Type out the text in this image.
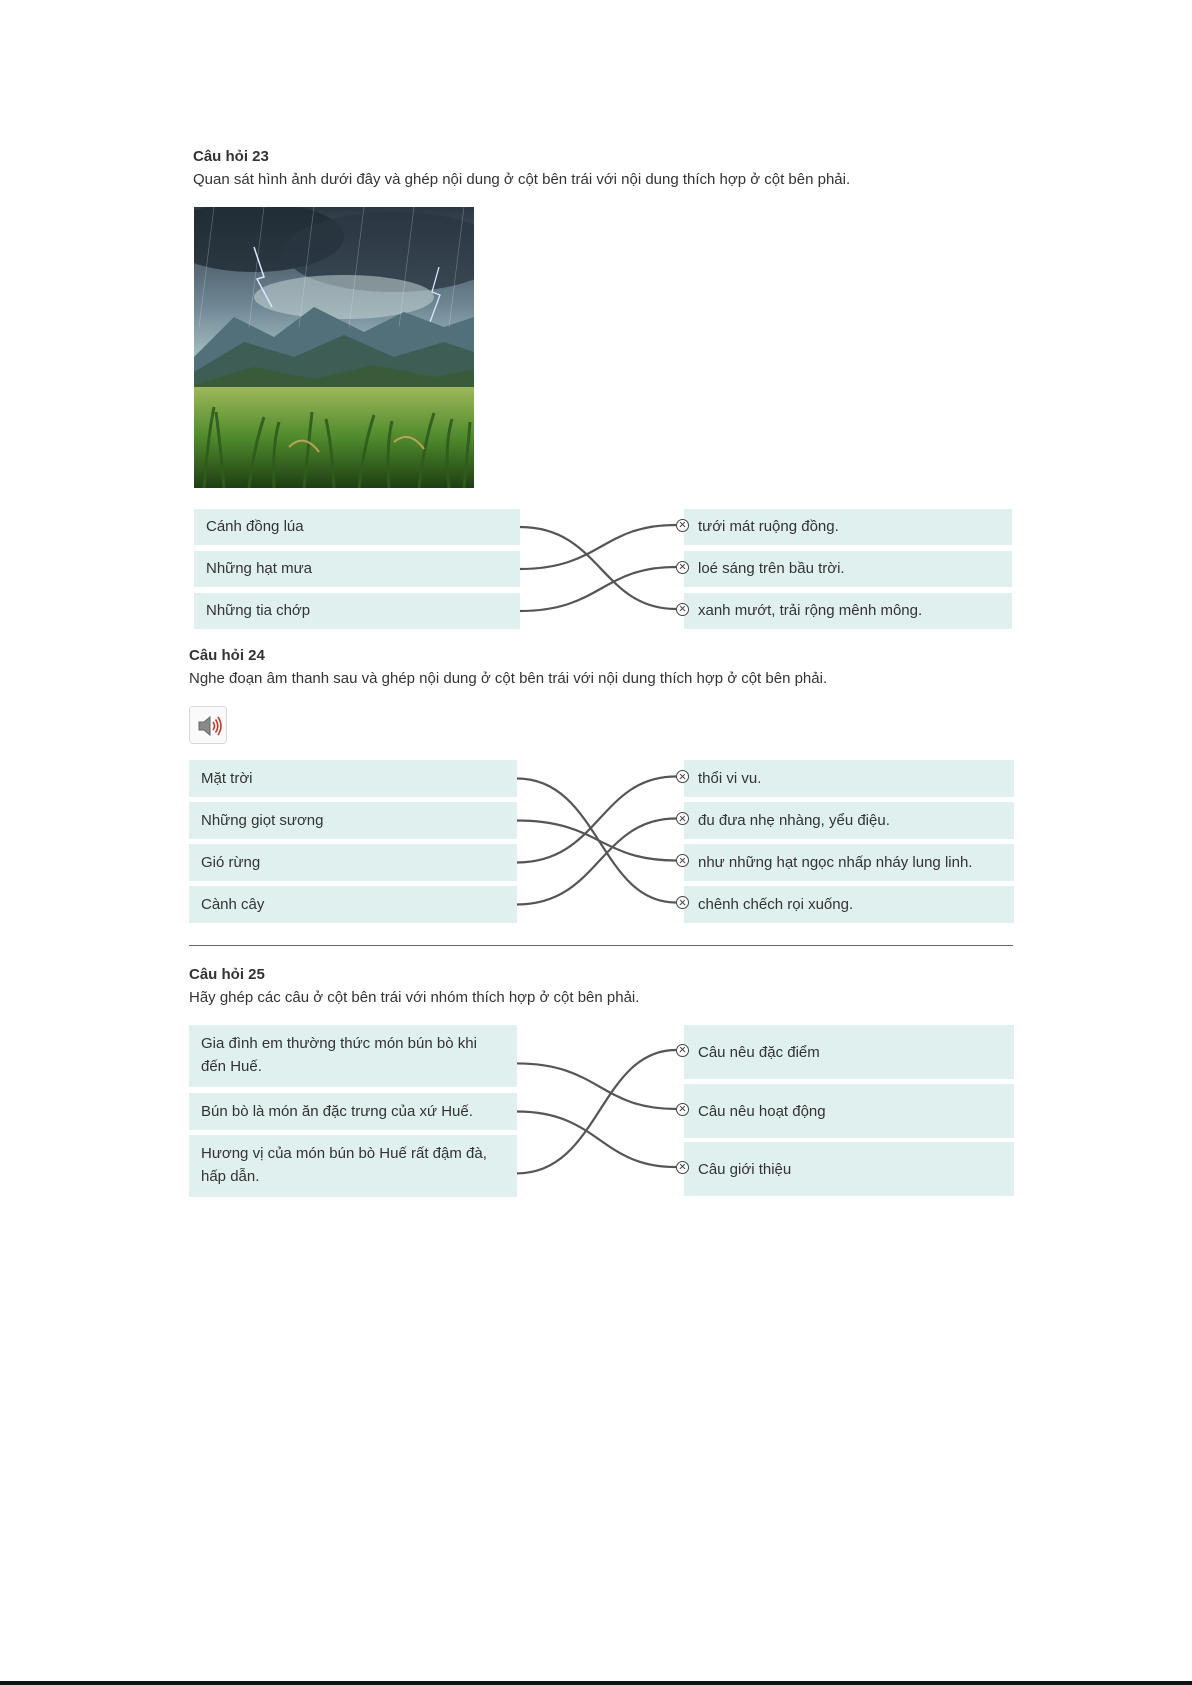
Câu hỏi 23
Quan sát hình ảnh dưới đây và ghép nội dung ở cột bên trái với nội dung thích hợp ở cột bên phải.
Cánh đồng lúa
Những hạt mưa
Những tia chớp
tưới mát ruộng đồng.
loé sáng trên bầu trời.
xanh mướt, trải rộng mênh mông.
Câu hỏi 24
Nghe đoạn âm thanh sau và ghép nội dung ở cột bên trái với nội dung thích hợp ở cột bên phải.
Mặt trời
Những giọt sương
Gió rừng
Cành cây
thổi vi vu.
đu đưa nhẹ nhàng, yểu điệu.
như những hạt ngọc nhấp nháy lung linh.
chênh chếch rọi xuống.
Câu hỏi 25
Hãy ghép các câu ở cột bên trái với nhóm thích hợp ở cột bên phải.
Gia đình em thường thức món bún bò khi đến Huế.
Bún bò là món ăn đặc trưng của xứ Huế.
Hương vị của món bún bò Huế rất đậm đà, hấp dẫn.
Câu nêu đặc điểm
Câu nêu hoạt động
Câu giới thiệu
